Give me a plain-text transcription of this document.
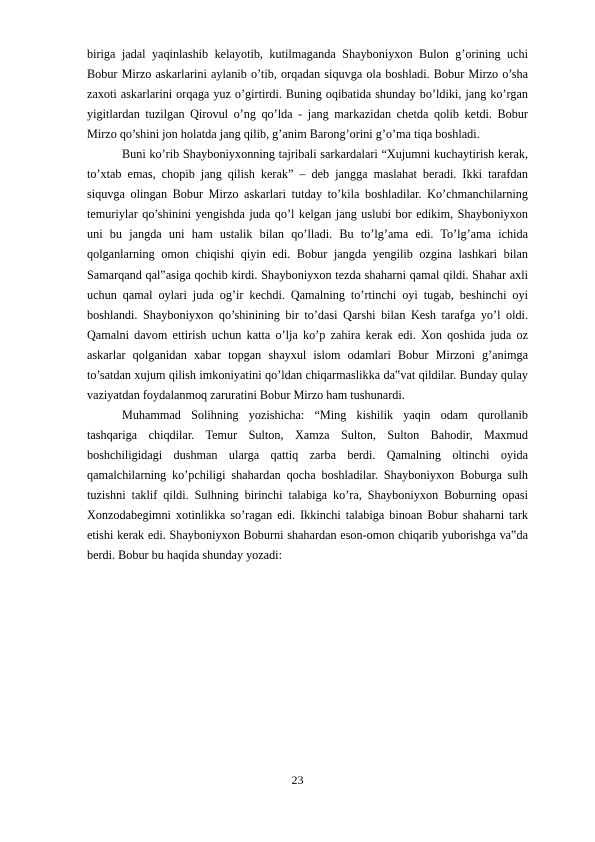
biriga jadal yaqinlashib kelayotib, kutilmaganda Shayboniyxon Bulon g’orining uchi Bobur Mirzo askarlarini aylanib o’tib, orqadan siquvga ola boshladi. Bobur Mirzo o’sha zaxoti askarlarini orqaga yuz o’girtirdi. Buning oqibatida shunday bo’ldiki, jang ko’rgan yigitlardan tuzilgan Qirovul o’ng qo’lda - jang markazidan chetda qolib ketdi. Bobur Mirzo qo’shini jon holatda jang qilib, g’anim Barong’orini g’o’ma tiqa boshladi.

Buni ko’rib Shayboniyxonning tajribali sarkardalari “Xujumni kuchaytirish kerak, to’xtab emas, chopib jang qilish kerak” – deb jangga maslahat beradi. Ikki tarafdan siquvga olingan Bobur Mirzo askarlari tutday to’kila boshladilar. Ko’chmanchilarning temuriylar qo’shinini yengishda juda qo’l kelgan jang uslubi bor edikim, Shayboniyxon uni bu jangda uni ham ustalik bilan qo’lladi. Bu to’lg’ama edi. To’lg’ama ichida qolganlarning omon chiqishi qiyin edi. Bobur jangda yengilib ozgina lashkari bilan Samarqand qal‟asiga qochib kirdi. Shayboniyxon tezda shaharni qamal qildi. Shahar axli uchun qamal oylari juda og’ir kechdi. Qamalning to’rtinchi oyi tugab, beshinchi oyi boshlandi. Shayboniyxon qo’shinining bir to’dasi Qarshi bilan Kesh tarafga yo’l oldi. Qamalni davom ettirish uchun katta o’lja ko’p zahira kerak edi. Xon qoshida juda oz askarlar qolganidan xabar topgan shayxul islom odamlari Bobur Mirzoni g’animga to’satdan xujum qilish imkoniyatini qo’ldan chiqarmaslikka da‟vat qildilar. Bunday qulay vaziyatdan foydalanmoq zaruratini Bobur Mirzo ham tushunardi.

Muhammad Solihning yozishicha: “Ming kishilik yaqin odam qurollanib tashqariga chiqdilar. Temur Sulton, Xamza Sulton, Sulton Bahodir, Maxmud boshchiligidagi dushman ularga qattiq zarba berdi. Qamalning oltinchi oyida qamalchilarning ko’pchiligi shahardan qocha boshladilar. Shayboniyxon Boburga sulh tuzishni taklif qildi. Sulhning birinchi talabiga ko’ra, Shayboniyxon Boburning opasi Xonzodabegimni xotinlikka so’ragan edi. Ikkinchi talabiga binoan Bobur shaharni tark etishi kerak edi. Shayboniyxon Boburni shahardan eson-omon chiqarib yuborishga va‟da berdi. Bobur bu haqida shunday yozadi:

23
